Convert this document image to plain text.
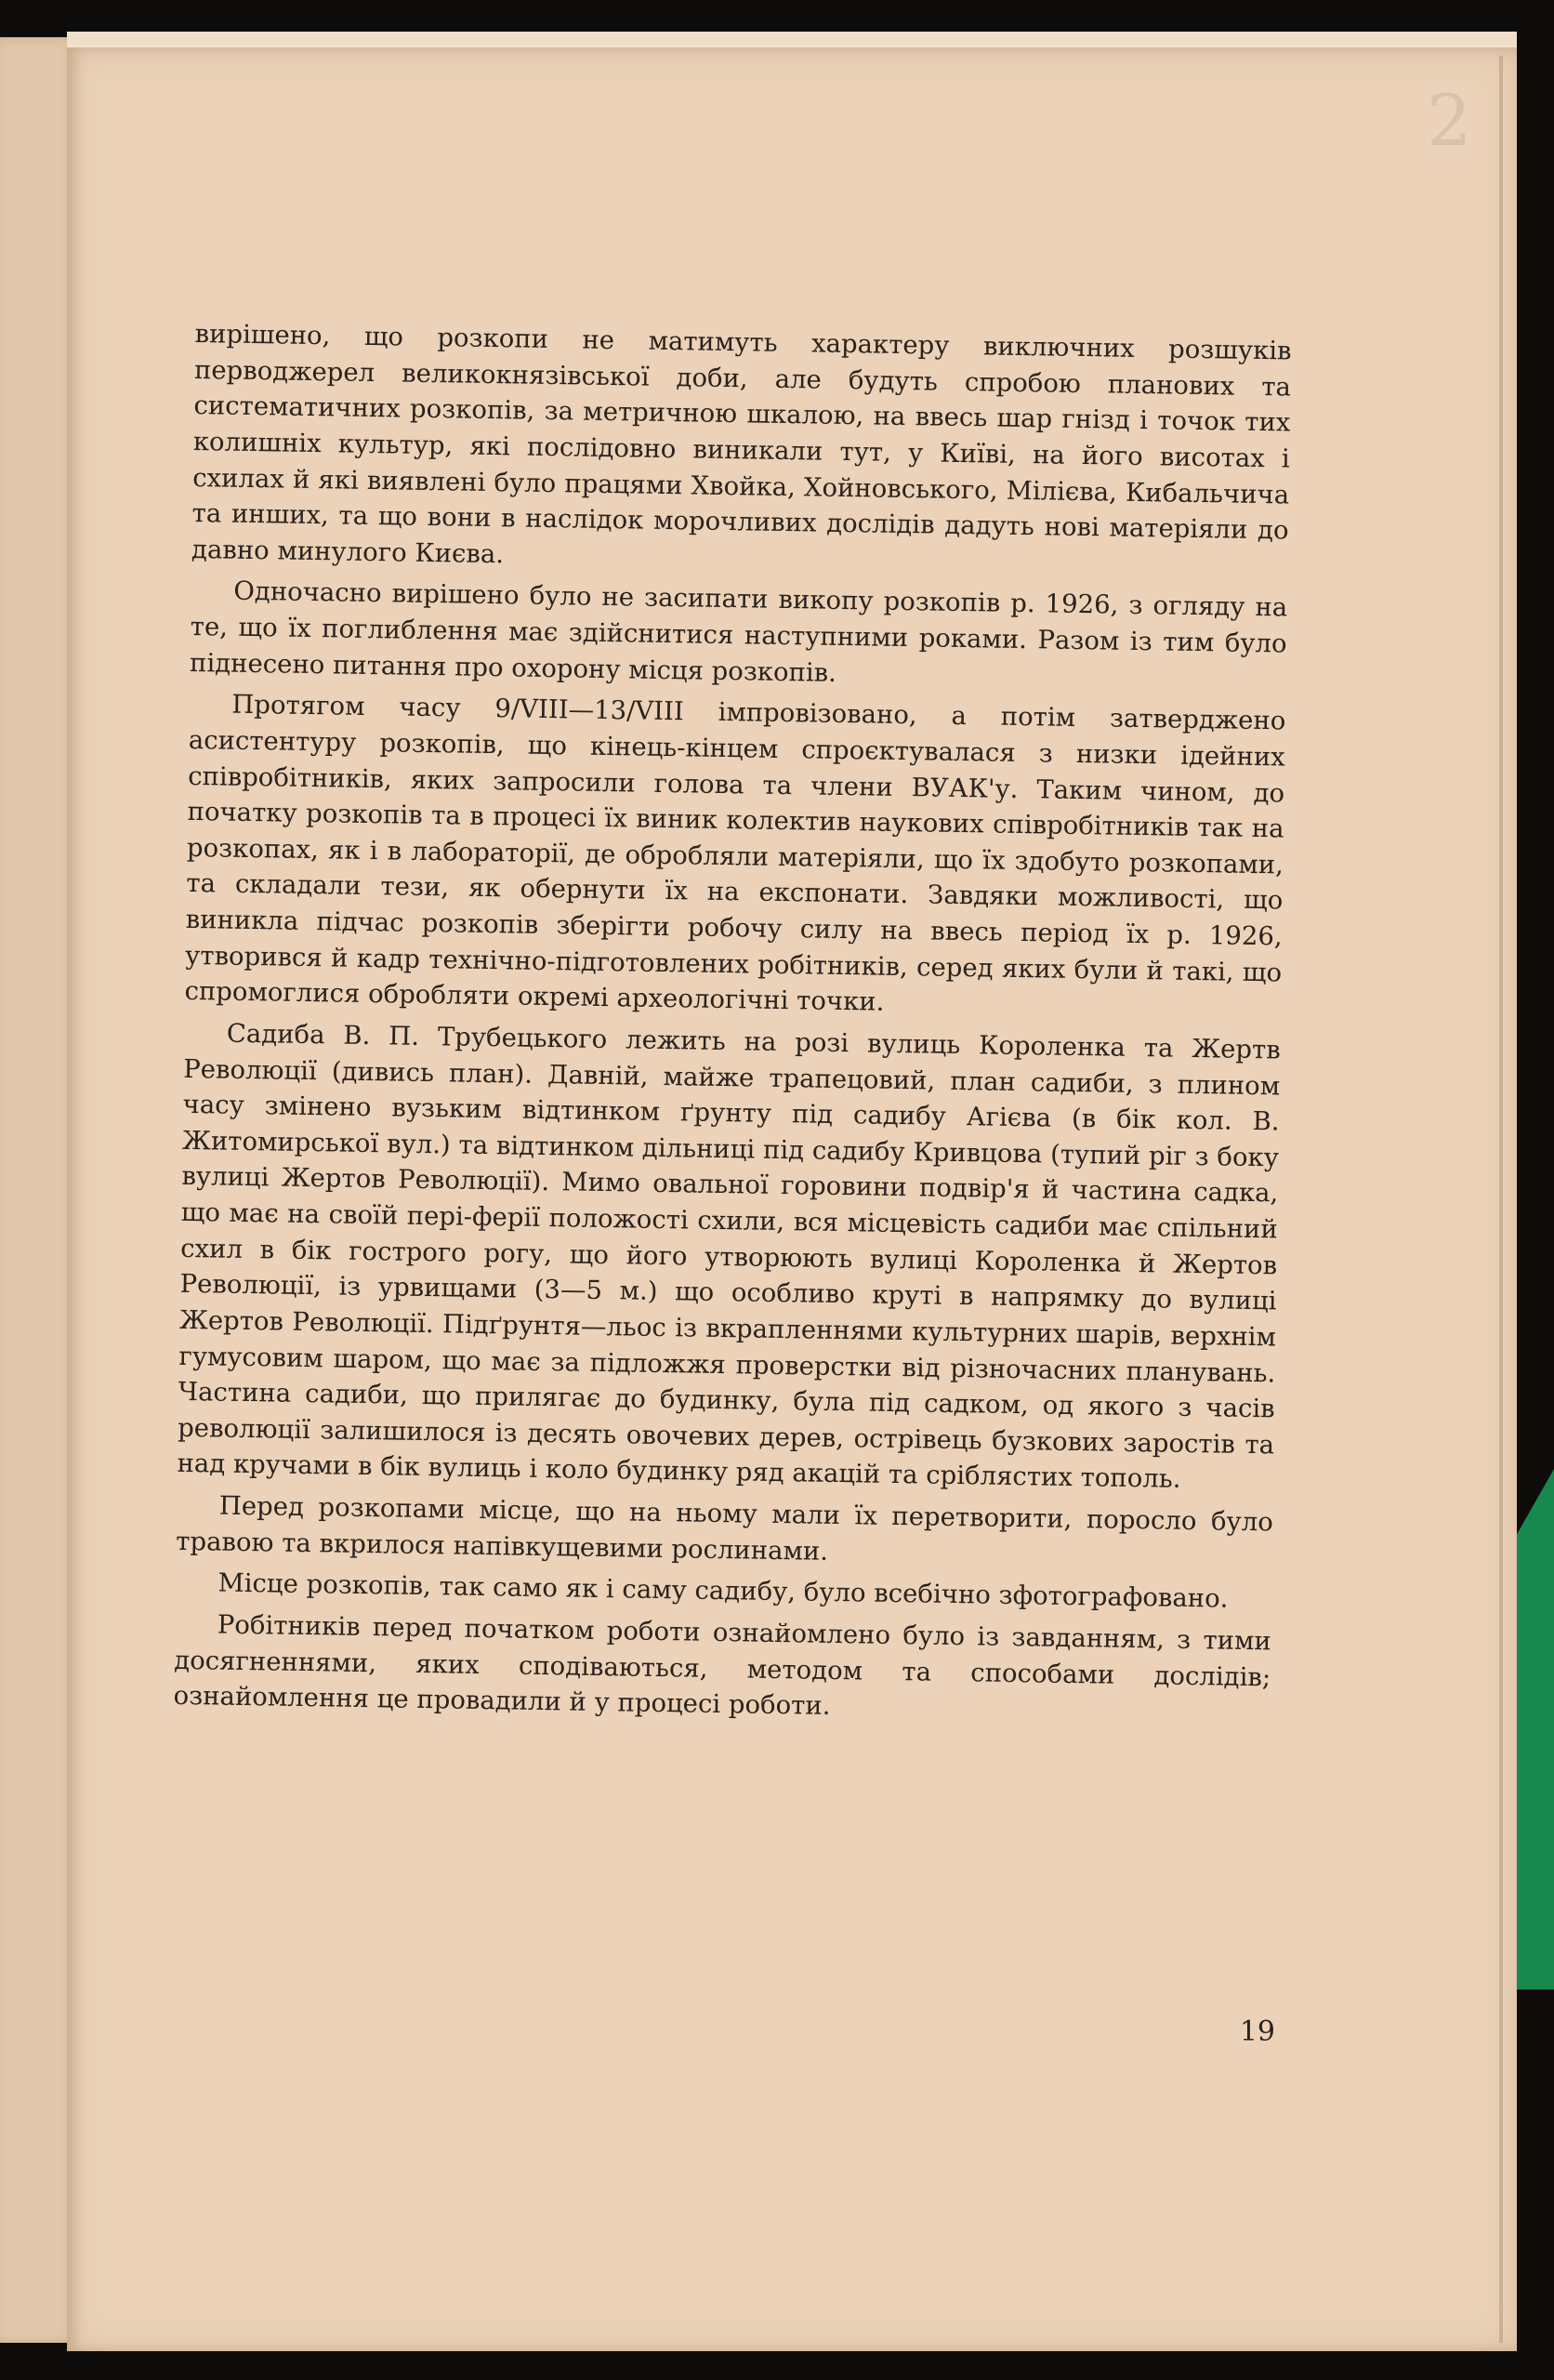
2

вирішено, що розкопи не матимуть характеру виключних розшуків перводжерел великокнязівської доби, але будуть спробою планових та систематичних розкопів, за метричною шкалою, на ввесь шар гнізд і точок тих колишніх культур, які послідовно виникали тут, у Київі, на його висотах і схилах й які виявлені було працями Хвойка, Хойновського, Мілієва, Кибальчича та инших, та що вони в наслідок морочливих дослідів дадуть нові матеріяли до давно минулого Києва.

Одночасно вирішено було не засипати викопу розкопів р. 1926, з огляду на те, що їх поглиблення має здійснитися наступними роками. Разом із тим було піднесено питання про охорону місця розкопів.

Протягом часу 9/VIII—13/VIII імпровізовано, а потім затверджено асистентуру розкопів, що кінець-кінцем спроєктувалася з низки ідейних співробітників, яких запросили голова та члени ВУАК'у. Таким чином, до початку розкопів та в процесі їх виник колектив наукових співробітників так на розкопах, як і в лабораторії, де обробляли матеріяли, що їх здобуто розкопами, та складали тези, як обернути їх на експонати. Завдяки можливості, що виникла підчас розкопів зберігти робочу силу на ввесь період їх р. 1926, утворився й кадр технічно-підготовлених робітників, серед яких були й такі, що спромоглися обробляти окремі археологічні точки.

Садиба В. П. Трубецького лежить на розі вулиць Короленка та Жертв Революції (дивись план). Давній, майже трапецовий, план садиби, з плином часу змінено вузьким відтинком ґрунту під садибу Агієва (в бік кол. В. Житомирської вул.) та відтинком дільниці під садибу Кривцова (тупий ріг з боку вулиці Жертов Революції). Мимо овальної горовини подвір'я й частина садка, що має на своїй пері-ферії положості схили, вся місцевість садиби має спільний схил в бік гострого рогу, що його утворюють вулиці Короленка й Жертов Революції, із урвищами (3—5 м.) що особливо круті в напрямку до вулиці Жертов Революції. Підґрунтя—льос із вкрапленнями культурних шарів, верхнім гумусовим шаром, що має за підложжя проверстки від різночасних планувань. Частина садиби, що прилягає до будинку, була під садком, од якого з часів революції залишилося із десять овочевих дерев, острівець бузкових заростів та над кручами в бік вулиць і коло будинку ряд акацій та сріблястих тополь.

Перед розкопами місце, що на ньому мали їх перетворити, поросло було травою та вкрилося напівкущевими рослинами.

Місце розкопів, так само як і саму садибу, було всебічно зфотографовано.

Робітників перед початком роботи ознайомлено було із завданням, з тими досягненнями, яких сподіваються, методом та способами дослідів; ознайомлення це провадили й у процесі роботи.

19
